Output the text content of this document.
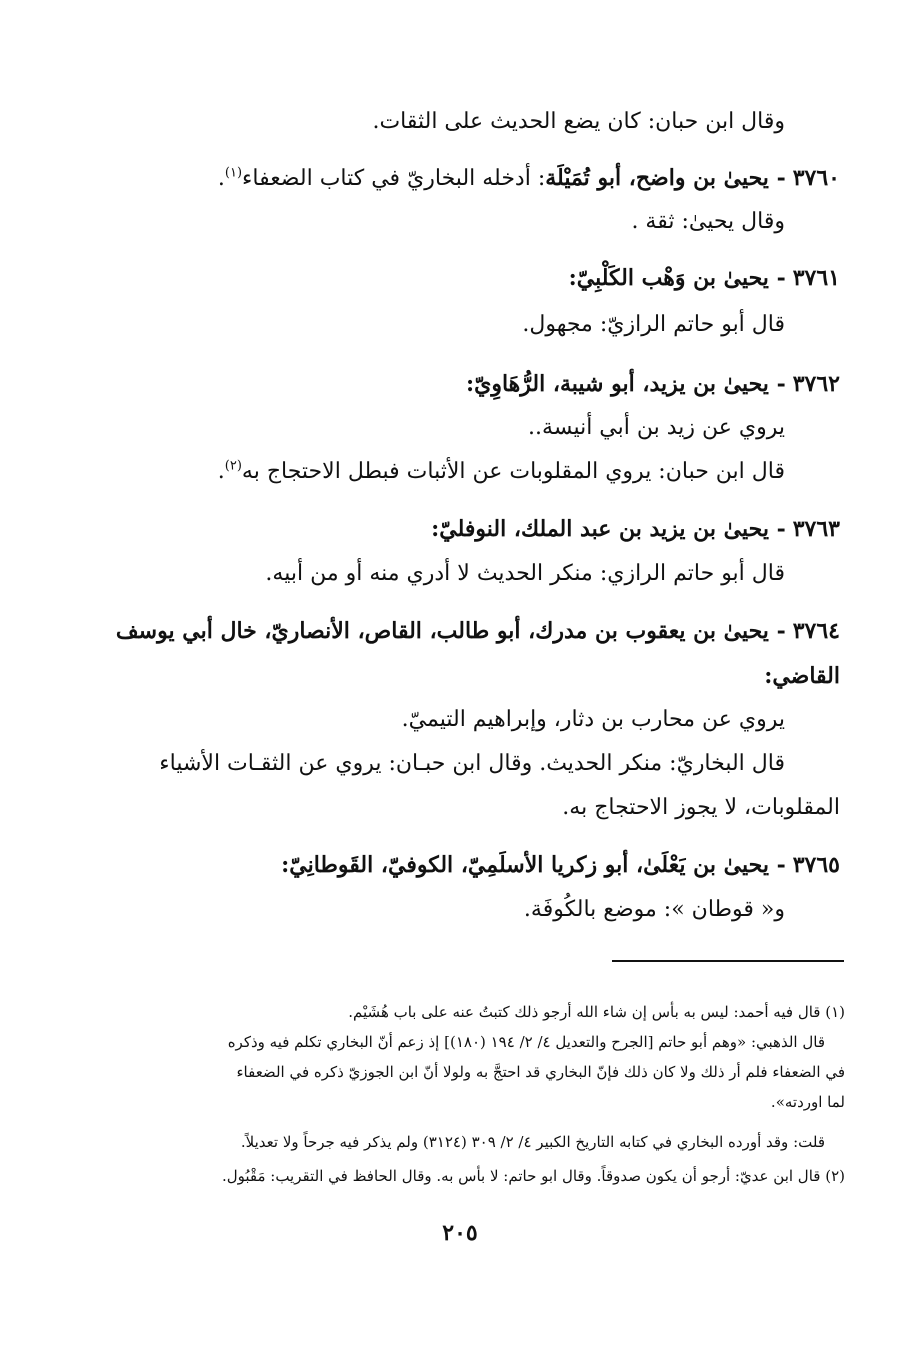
وقال ابن حبان: كان يضع الحديث على الثقات.
٣٧٦٠ - يحيىٰ بن واضح، أبو تُمَيْلَة: أدخله البخاريّ في كتاب الضعفاء$^{(١)}$.
وقال يحيىٰ: ثقة .
٣٧٦١ - يحيىٰ بن وَهْب الكَلْبِيّ:
قال أبو حاتم الرازيّ: مجهول.
٣٧٦٢ - يحيىٰ بن يزيد، أبو شيبة، الرُّهَاوِيّ:
يروي عن زيد بن أبي أنيسة..
قال ابن حبان: يروي المقلوبات عن الأثبات فبطل الاحتجاج به$^{(٢)}$.
٣٧٦٣ - يحيىٰ بن يزيد بن عبد الملك، النوفليّ:
قال أبو حاتم الرازي: منكر الحديث لا أدري منه أو من أبيه.
٣٧٦٤ - يحيىٰ بن يعقوب بن مدرك، أبو طالب، القاص، الأنصاريّ، خال أبي يوسف
القاضي:
يروي عن محارب بن دثار، وإبراهيم التيميّ.
قال البخاريّ: منكر الحديث. وقال ابن حبـان: يروي عن الثقـات الأشياء
المقلوبات، لا يجوز الاحتجاج به.
٣٧٦٥ - يحيىٰ بن يَعْلَىٰ، أبو زكريا الأسلَمِيّ، الكوفيّ، القَوطانِيّ:
و« قوطان »: موضع بالكُوفَة.
(١) قال فيه أحمد: ليس به بأس إن شاء الله أرجو ذلك كتبتُ عنه على باب هُشَيْم.
قال الذهبي: «وهم أبو حاتم [الجرح والتعديل ٤/ ٢/ ١٩٤ (١٨٠)] إذ زعم أنّ البخاري تكلم فيه وذكره
في الضعفاء فلم أر ذلك ولا كان ذلك فإنّ البخاري قد احتجَّ به ولولا أنّ ابن الجوزيّ ذكره في الضعفاء
لما اوردته».
قلت: وقد أورده البخاري في كتابه التاريخ الكبير ٤/ ٢/ ٣٠٩ (٣١٢٤) ولم يذكر فيه جرحاً ولا تعديلاً.
(٢) قال ابن عديّ: أرجو أن يكون صدوقاً. وقال ابو حاتم: لا بأس به. وقال الحافظ في التقريب: مَقْبُول.
٢٠٥
